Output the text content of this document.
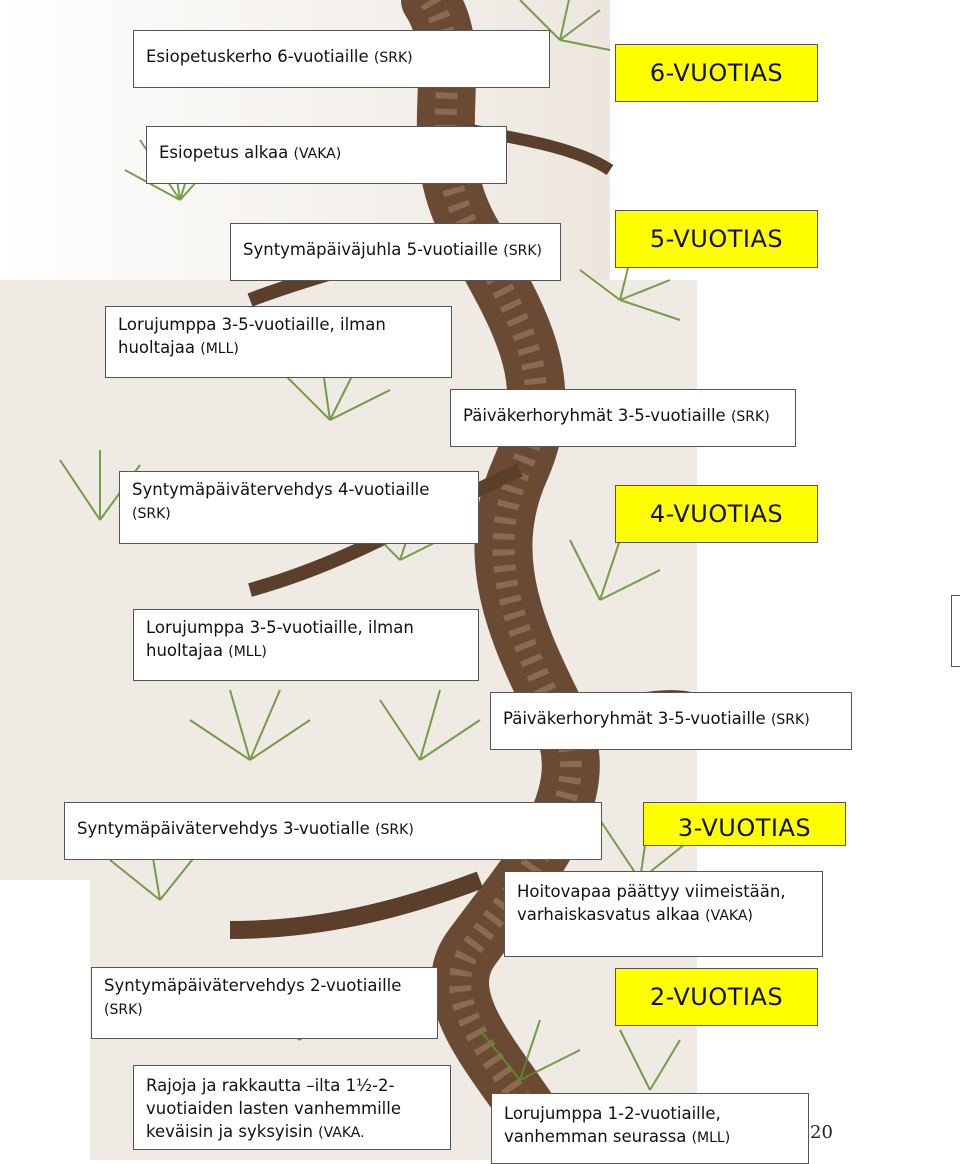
Esiopetuskerho 6-vuotiaille (SRK)
6-VUOTIAS
Esiopetus alkaa (VAKA)
Syntymäpäiväjuhla 5-vuotiaille (SRK)	5-VUOTIAS
Lorujumppa 3-5-vuotiaille, ilman huoltajaa (MLL)
Päiväkerhoryhmät 3-5-vuotiaille (SRK)
Syntymäpäivätervehdys 4-vuotiaille (SRK)	4-VUOTIAS
Lorujumppa 3-5-vuotiaille, ilman huoltajaa (MLL)
Päiväkerhoryhmät 3-5-vuotiaille (SRK)
Syntymäpäivätervehdys 3-vuotialle (SRK)	3-VUOTIAS
Hoitovapaa päättyy viimeistään, varhaiskasvatus alkaa (VAKA)
Syntymäpäivätervehdys 2-vuotiaille (SRK)	2-VUOTIAS
Rajoja ja rakkautta –ilta 1½-2-vuotiaiden lasten vanhemmille keväisin ja syksyisin (VAKA.
Lorujumppa 1-2-vuotiaille, vanhemman seurassa (MLL)	20
